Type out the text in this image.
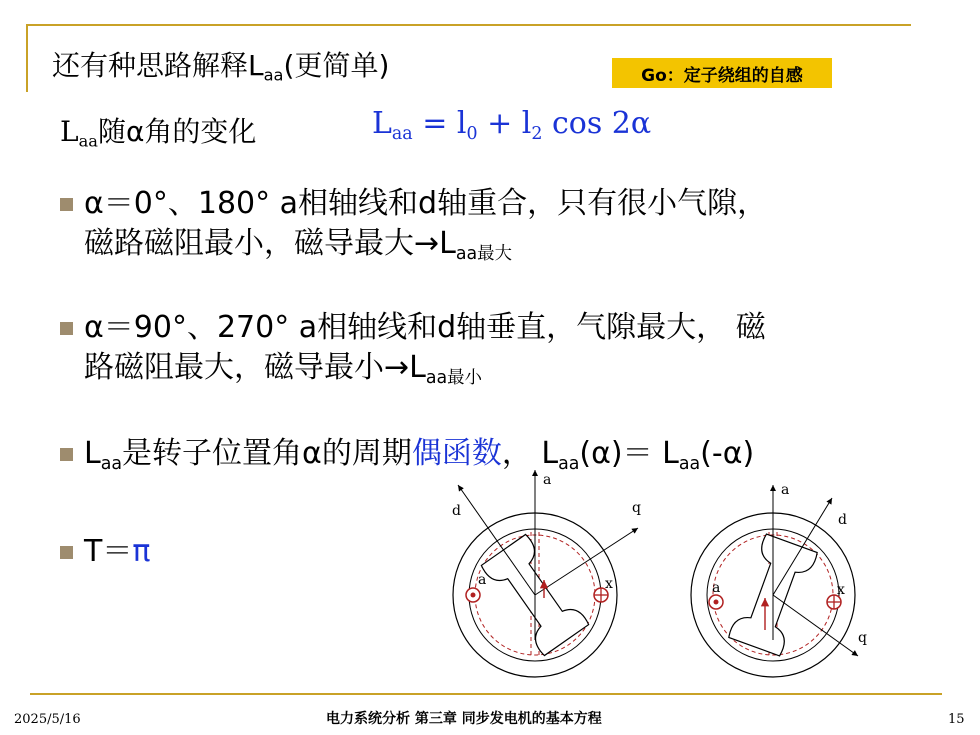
还有种思路解释$L_{aa}$(更简单)	Go：定子绕组的自感
$L_{aa}$随α角的变化	$L_{aa} = l_0 + l_2$ cos 2α
α＝0°、180° a相轴线和d轴重合，只有很小气隙，
磁路磁阻最小，磁导最大$\to L_{aa最大}$
α＝90°、270° a相轴线和d轴垂直，气隙最大， 磁
路磁阻最大，磁导最小$\to L_{aa最小}$
$L_{aa}$是转子位置角α的周期偶函数， $L_{aa}(\alpha)= L_{aa}(-\alpha)$
T＝π
a
d	q
a	x
a
d
q
a	x
2025/5/16	电力系统分析 第三章 同步发电机的基本方程	15
